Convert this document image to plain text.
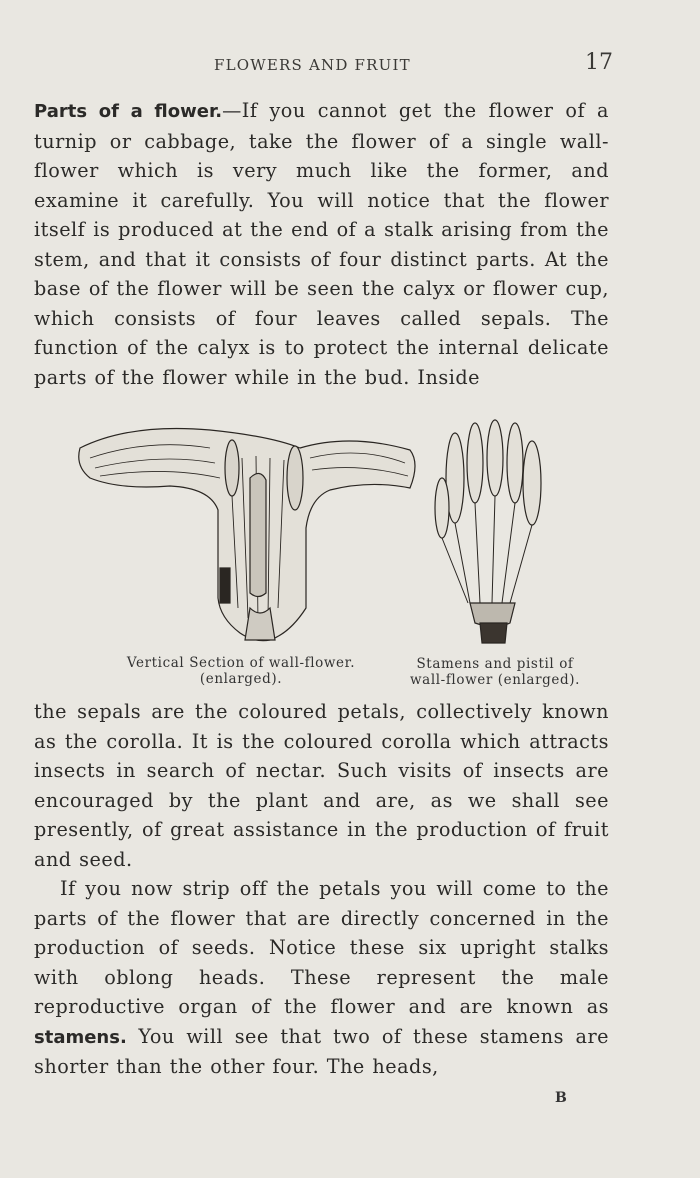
FLOWERS AND FRUIT	17

Parts of a flower.—If you cannot get the flower of a turnip or cabbage, take the flower of a single wall-flower which is very much like the former, and examine it carefully. You will notice that the flower itself is produced at the end of a stalk arising from the stem, and that it consists of four distinct parts. At the base of the flower will be seen the calyx or flower cup, which consists of four leaves called sepals. The function of the calyx is to protect the internal delicate parts of the flower while in the bud. Inside

Vertical Section of wall-flower.
(enlarged).
Stamens and pistil of
wall-flower (enlarged).

the sepals are the coloured petals, collectively known as the corolla. It is the coloured corolla which attracts insects in search of nectar. Such visits of insects are encouraged by the plant and are, as we shall see presently, of great assistance in the production of fruit and seed.

If you now strip off the petals you will come to the parts of the flower that are directly concerned in the production of seeds. Notice these six upright stalks with oblong heads. These represent the male reproductive organ of the flower and are known as stamens. You will see that two of these stamens are shorter than the other four. The heads,

B
